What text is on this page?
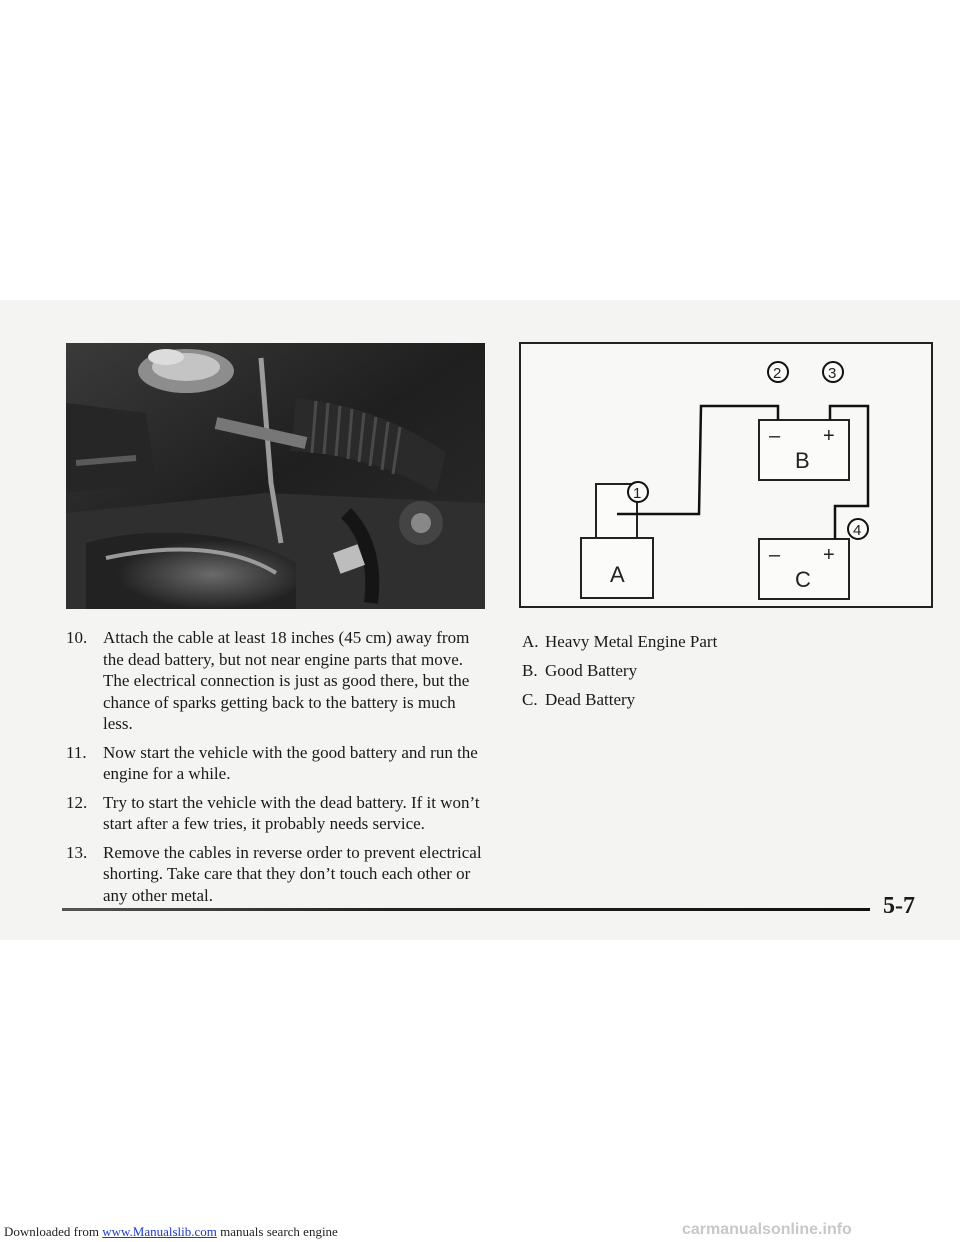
A
– +
B
– +
C
1
2	3
4
10. Attach the cable at least 18 inches (45 cm) away from the dead battery, but not near engine parts that move. The electrical connection is just as good there, but the chance of sparks getting back to the battery is much less.
11. Now start the vehicle with the good battery and run the engine for a while.
12. Try to start the vehicle with the dead battery. If it won’t start after a few tries, it probably needs service.
13. Remove the cables in reverse order to prevent electrical shorting. Take care that they don’t touch each other or any other metal.
A. Heavy Metal Engine Part
B. Good Battery
C. Dead Battery
5-7
Downloaded from www.Manualslib.com manuals search engine	carmanualsonline.info
